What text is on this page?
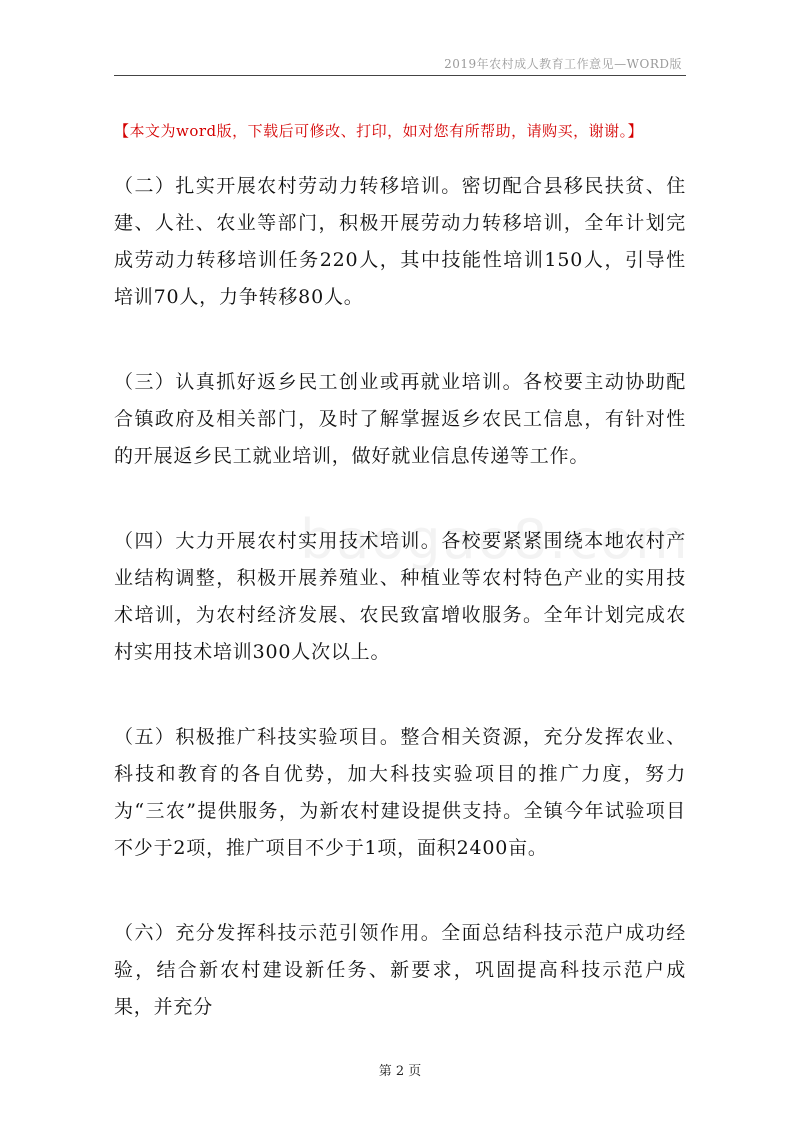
2019年农村成人教育工作意见—WORD版
【本文为word版，下载后可修改、打印，如对您有所帮助，请购买，谢谢。】

（二）扎实开展农村劳动力转移培训。密切配合县移民扶贫、住建、人社、农业等部门，积极开展劳动力转移培训，全年计划完成劳动力转移培训任务220人，其中技能性培训150人，引导性培训70人，力争转移80人。

（三）认真抓好返乡民工创业或再就业培训。各校要主动协助配合镇政府及相关部门，及时了解掌握返乡农民工信息，有针对性的开展返乡民工就业培训，做好就业信息传递等工作。

（四）大力开展农村实用技术培训。各校要紧紧围绕本地农村产业结构调整，积极开展养殖业、种植业等农村特色产业的实用技术培训，为农村经济发展、农民致富增收服务。全年计划完成农村实用技术培训300人次以上。

（五）积极推广科技实验项目。整合相关资源，充分发挥农业、科技和教育的各自优势，加大科技实验项目的推广力度，努力为“三农”提供服务，为新农村建设提供支持。全镇今年试验项目不少于2项，推广项目不少于1项，面积2400亩。

（六）充分发挥科技示范引领作用。全面总结科技示范户成功经验，结合新农村建设新任务、新要求，巩固提高科技示范户成果，并充分

第 2 页
